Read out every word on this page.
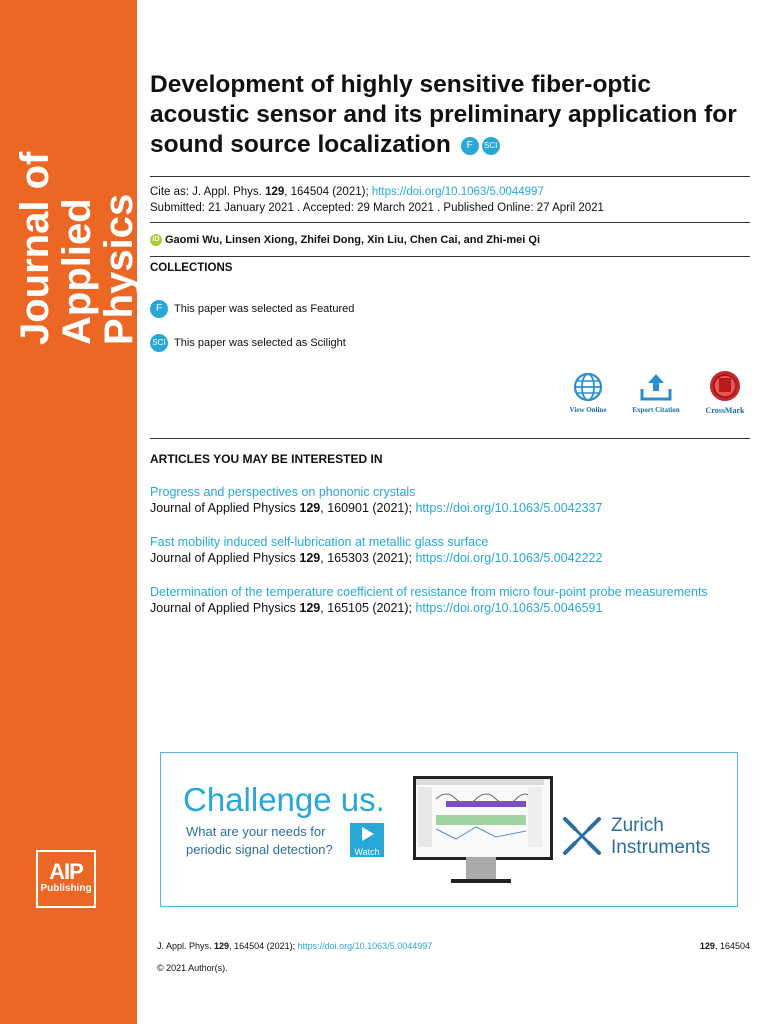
Journal of
Applied Physics
AIP
Publishing
Development of highly sensitive fiber-optic acoustic sensor and its preliminary application for sound source localization F SCI
Cite as: J. Appl. Phys. 129, 164504 (2021); https://doi.org/10.1063/5.0044997
Submitted: 21 January 2021 . Accepted: 29 March 2021 . Published Online: 27 April 2021
iD Gaomi Wu, Linsen Xiong, Zhifei Dong, Xin Liu, Chen Cai, and Zhi-mei Qi
COLLECTIONS
F This paper was selected as Featured
SCI This paper was selected as Scilight
View Online	Export Citation	CrossMark
ARTICLES YOU MAY BE INTERESTED IN
Progress and perspectives on phononic crystals
Journal of Applied Physics 129, 160901 (2021); https://doi.org/10.1063/5.0042337
Fast mobility induced self-lubrication at metallic glass surface
Journal of Applied Physics 129, 165303 (2021); https://doi.org/10.1063/5.0042222
Determination of the temperature coefficient of resistance from micro four-point probe measurements
Journal of Applied Physics 129, 165105 (2021); https://doi.org/10.1063/5.0046591
Challenge us.
What are your needs for
periodic signal detection?	Watch
Zurich
Instruments
J. Appl. Phys. 129, 164504 (2021); https://doi.org/10.1063/5.0044997	129, 164504
© 2021 Author(s).
